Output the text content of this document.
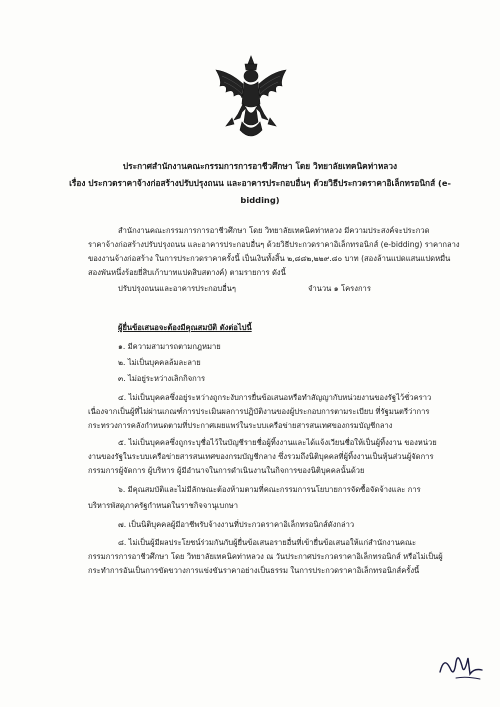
ประกาศสำนักงานคณะกรรมการการอาชีวศึกษา โดย วิทยาลัยเทคนิคท่าหลวง
เรื่อง ประกวดราคาจ้างก่อสร้างปรับปรุงถนน และอาคารประกอบอื่นๆ ด้วยวิธีประกวดราคาอิเล็กทรอนิกส์ (e-
bidding)
สำนักงานคณะกรรมการการอาชีวศึกษา โดย วิทยาลัยเทคนิคท่าหลวง มีความประสงค์จะประกวด
ราคาจ้างก่อสร้างปรับปรุงถนน และอาคารประกอบอื่นๆ ด้วยวิธีประกวดราคาอิเล็กทรอนิกส์ (e-bidding) ราคากลาง
ของงานจ้างก่อสร้าง ในการประกวดราคาครั้งนี้ เป็นเงินทั้งสิ้น ๒,๘๘๒,๒๒๙.๘๐ บาท (สองล้านแปดแสนแปดหมื่น
สองพันหนึ่งร้อยยี่สิบเก้าบาทแปดสิบสตางค์) ตามรายการ ดังนี้
ปรับปรุงถนนและอาคารประกอบอื่นๆ	จำนวน ๑ โครงการ
ผู้ยื่นข้อเสนอจะต้องมีคุณสมบัติ ดังต่อไปนี้
๑. มีความสามารถตามกฎหมาย
๒. ไม่เป็นบุคคลล้มละลาย
๓. ไม่อยู่ระหว่างเลิกกิจการ
๔. ไม่เป็นบุคคลซึ่งอยู่ระหว่างถูกระงับการยื่นข้อเสนอหรือทำสัญญากับหน่วยงานของรัฐไว้ชั่วคราว
เนื่องจากเป็นผู้ที่ไม่ผ่านเกณฑ์การประเมินผลการปฏิบัติงานของผู้ประกอบการตามระเบียบ ที่รัฐมนตรีว่าการ
กระทรวงการคลังกำหนดตามที่ประกาศเผยแพร่ในระบบเครือข่ายสารสนเทศของกรมบัญชีกลาง
๕. ไม่เป็นบุคคลซึ่งถูกระบุชื่อไว้ในบัญชีรายชื่อผู้ทิ้งงานและได้แจ้งเวียนชื่อให้เป็นผู้ทิ้งงาน ของหน่วย
งานของรัฐในระบบเครือข่ายสารสนเทศของกรมบัญชีกลาง ซึ่งรวมถึงนิติบุคคลที่ผู้ทิ้งงานเป็นหุ้นส่วนผู้จัดการ
กรรมการผู้จัดการ ผู้บริหาร ผู้มีอำนาจในการดำเนินงานในกิจการของนิติบุคคลนั้นด้วย
๖. มีคุณสมบัติและไม่มีลักษณะต้องห้ามตามที่คณะกรรมการนโยบายการจัดซื้อจัดจ้างและ การ
บริหารพัสดุภาครัฐกำหนดในราชกิจจานุเบกษา
๗. เป็นนิติบุคคลผู้มีอาชีพรับจ้างงานที่ประกวดราคาอิเล็กทรอนิกส์ดังกล่าว
๘. ไม่เป็นผู้มีผลประโยชน์ร่วมกันกับผู้ยื่นข้อเสนอรายอื่นที่เข้ายื่นข้อเสนอให้แก่สำนักงานคณะ
กรรมการการอาชีวศึกษา โดย วิทยาลัยเทคนิคท่าหลวง ณ วันประกาศประกวดราคาอิเล็กทรอนิกส์ หรือไม่เป็นผู้
กระทำการอันเป็นการขัดขวางการแข่งขันราคาอย่างเป็นธรรม ในการประกวดราคาอิเล็กทรอนิกส์ครั้งนี้
